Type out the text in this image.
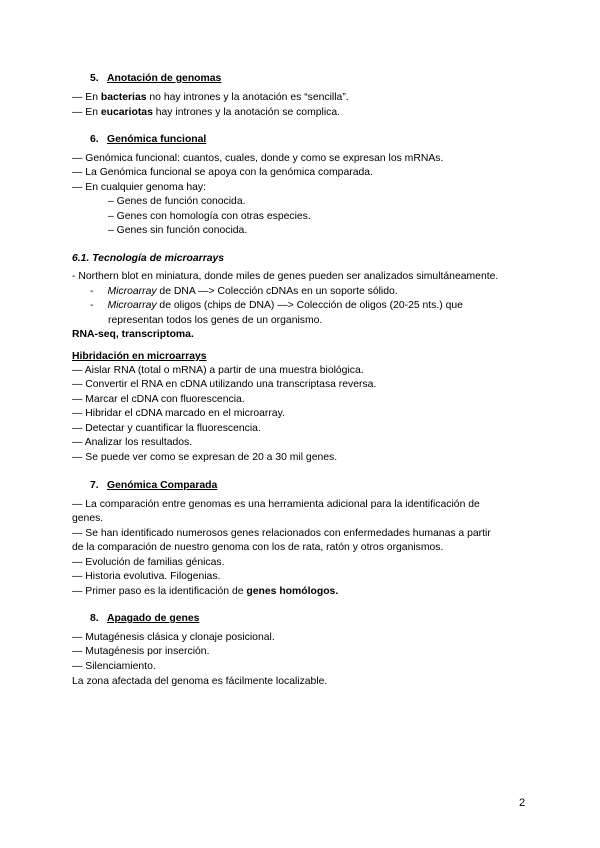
5. Anotación de genomas
— En bacterias no hay intrones y la anotación es “sencilla”.
— En eucariotas hay intrones y la anotación se complica.
6. Genómica funcional
— Genómica funcional: cuantos, cuales, donde y como se expresan los mRNAs.
— La Genómica funcional se apoya con la genómica comparada.
— En cualquier genoma hay:
– Genes de función conocida.
– Genes con homología con otras especies.
– Genes sin función conocida.
6.1. Tecnología de microarrays
- Northern blot en miniatura, donde miles de genes pueden ser analizados simultáneamente.
- Microarray de DNA —> Colección cDNAs en un soporte sólido.
- Microarray de oligos (chips de DNA) —> Colección de oligos (20-25 nts.) que
representan todos los genes de un organismo.
RNA-seq, transcriptoma.
Hibridación en microarrays
— Aislar RNA (total o mRNA) a partir de una muestra biológica.
— Convertir el RNA en cDNA utilizando una transcriptasa reversa.
— Marcar el cDNA con fluorescencia.
— Hibridar el cDNA marcado en el microarray.
— Detectar y cuantificar la fluorescencia.
— Analizar los resultados.
— Se puede ver como se expresan de 20 a 30 mil genes.
7. Genómica Comparada
— La comparación entre genomas es una herramienta adicional para la identificación de
genes.
— Se han identificado numerosos genes relacionados con enfermedades humanas a partir
de la comparación de nuestro genoma con los de rata, ratón y otros organismos.
— Evolución de familias génicas.
— Historia evolutiva. Filogenias.
— Primer paso es la identificación de genes homólogos.
8. Apagado de genes
— Mutagénesis clásica y clonaje posicional.
— Mutagénesis por inserción.
— Silenciamiento.
La zona afectada del genoma es fácilmente localizable.
2
